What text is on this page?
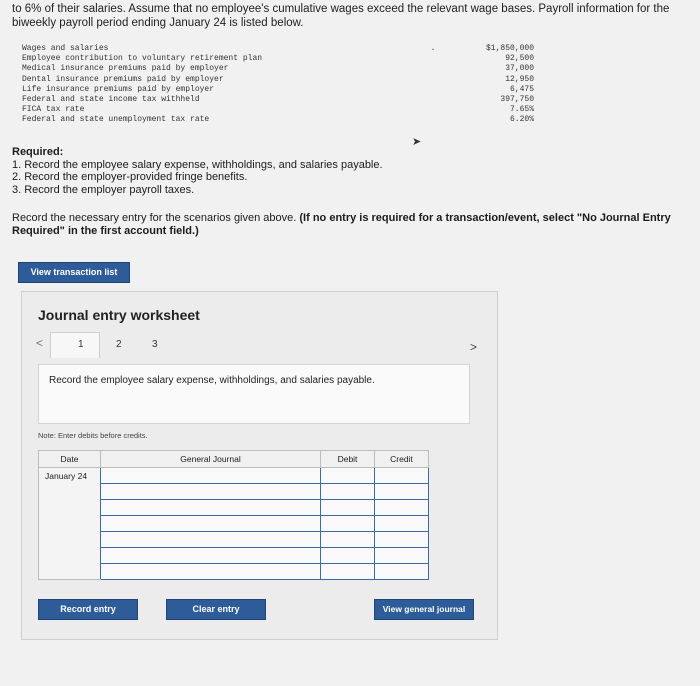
to 6% of their salaries. Assume that no employee's cumulative wages exceed the relevant wage bases. Payroll information for the biweekly payroll period ending January 24 is listed below.
Wages and salaries	.	$1,850,000
Employee contribution to voluntary retirement plan	92,500
Medical insurance premiums paid by employer	37,000
Dental insurance premiums paid by employer	12,950
Life insurance premiums paid by employer	6,475
Federal and state income tax withheld	397,750
FICA tax rate	7.65%
Federal and state unemployment tax rate	6.20%
➤
Required:
1. Record the employee salary expense, withholdings, and salaries payable.
2. Record the employer-provided fringe benefits.
3. Record the employer payroll taxes.
Record the necessary entry for the scenarios given above. (If no entry is required for a transaction/event, select "No Journal Entry Required" in the first account field.)
View transaction list
Journal entry worksheet
<	1	2	3	>
Record the employee salary expense, withholdings, and salaries payable.
Note: Enter debits before credits.
Date	General Journal	Debit	Credit
January 24			

Record entry	Clear entry	View general journal
